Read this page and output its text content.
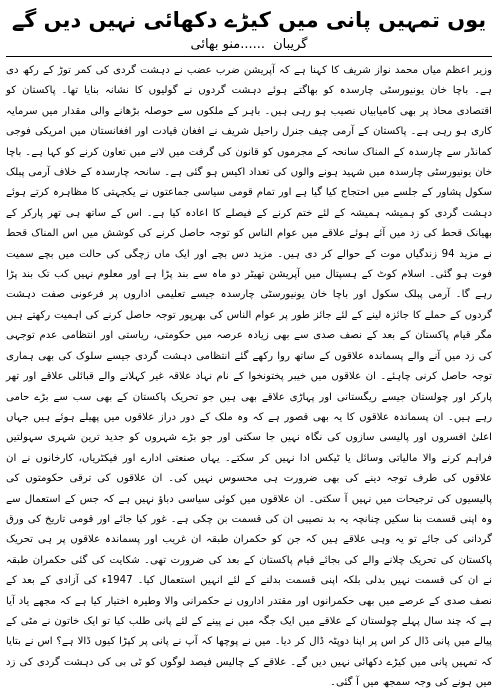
یوں تمہیں پانی میں کیڑے دکھائی نہیں دیں گے
گریبان......منو بھائی

وزیر اعظم میاں محمد نواز شریف کا کہنا ہے کہ آپریشن ضرب عضب نے دہشت گردی کی کمر توڑ کے رکھ دی ہے۔ باچا خان یونیورسٹی چارسدہ کو بھاگتے ہوئے دہشت گردوں نے گولیوں کا نشانہ بنایا تھا۔ پاکستان کو اقتصادی محاذ پر بھی کامیابیاں نصیب ہو رہی ہیں۔ باہر کے ملکوں سے حوصلہ بڑھانے والی مقدار میں سرمایہ کاری ہو رہی ہے۔ پاکستان کے آرمی چیف جنرل راحیل شریف نے افغان قیادت اور افغانستان میں امریکی فوجی کمانڈر سے چارسدہ کے المناک سانحہ کے مجرموں کو قانون کی گرفت میں لانے میں تعاون کرنے کو کہا ہے۔ باچا خان یونیورسٹی چارسدہ میں شہید ہونے والوں کی تعداد اکیس ہو گئی ہے۔ سانحہ چارسدہ کے خلاف آرمی پبلک سکول پشاور کے جلسے میں احتجاج کیا گیا ہے اور تمام قومی سیاسی جماعتوں نے یکجہتی کا مظاہرہ کرتے ہوئے دہشت گردی کو ہمیشہ ہمیشہ کے لئے ختم کرنے کے فیصلے کا اعادہ کیا ہے۔ اس کے ساتھ ہی تھر پارکر کے بھیانک قحط کی زد میں آئے ہوئے علاقے میں عوام الناس کو توجہ حاصل کرنے کی کوشش میں اس المناک قحط نے مزید 94 زندگیاں موت کے حوالے کر دی ہیں۔ مزید دس بچے اور ایک ماں زچگی کی حالت میں بچے سمیت فوت ہو گئی۔ اسلام کوٹ کے ہسپتال میں آپریشن تھیٹر دو ماہ سے بند پڑا ہے اور معلوم نہیں کب تک بند پڑا رہے گا۔ آرمی پبلک سکول اور باچا خان یونیورسٹی چارسدہ جیسے تعلیمی اداروں پر فرعونی صفت دہشت گردوں کے حملے کا جائزہ لینے کے لئے جائز طور پر عوام الناس کی بھرپور توجہ حاصل کرنے کی اہمیت رکھتے ہیں مگر قیام پاکستان کے بعد کے نصف صدی سے بھی زیادہ عرصہ میں حکومتی، ریاستی اور انتظامی عدم توجہی کی زد میں آنے والے پسماندہ علاقوں کے ساتھ روا رکھے گئے انتظامی دہشت گردی جیسے سلوک کی بھی ہماری توجہ حاصل کرنی چاہئے۔ ان علاقوں میں خیبر پختونخوا کے نام نہاد علاقہ غیر کہلانے والے قبائلی علاقے اور تھر پارکر اور چولستان جیسے ریگستانی اور پہاڑی علاقے بھی ہیں جو تحریک پاکستان کے بھی سب سے بڑے حامی رہے ہیں۔ ان پسماندہ علاقوں کا یہ بھی قصور ہے کہ وہ ملک کے دور دراز علاقوں میں پھیلے ہوئے ہیں جہاں اعلیٰ افسروں اور پالیسی سازوں کی نگاہ نہیں جا سکتی اور جو بڑے شہروں کو جدید ترین شہری سہولتیں فراہم کرنے والا مالیاتی وسائل یا ٹیکس ادا نہیں کر سکتے۔ یہاں صنعتی ادارے اور فیکٹریاں، کارخانوں نے ان علاقوں کی طرف توجہ دینے کی بھی ضرورت ہی محسوس نہیں کی۔ ان علاقوں کی ترقی حکومتوں کی پالیسیوں کی ترجیحات میں نہیں آ سکتی۔ ان علاقوں میں کوئی سیاسی دباؤ نہیں ہے کہ جس کے استعمال سے وہ اپنی قسمت بنا سکیں چنانچہ یہ بد نصیبی ان کی قسمت بن چکی ہے۔ غور کیا جائے اور قومی تاریخ کی ورق گردانی کی جائے تو یہ وہی علاقے ہیں کہ جن کو حکمران طبقہ ان غریب اور پسماندہ علاقوں پر ہی تحریک پاکستان کی تحریک چلانے والے کی بجائے قیام پاکستان کے بعد کی ضرورت تھی۔ شکایت کی گئی حکمران طبقہ نے ان کی قسمت نہیں بدلی بلکہ اپنی قسمت بدلنے کے لئے انہیں استعمال کیا۔ 1947ء کی آزادی کے بعد کے نصف صدی کے عرصے میں بھی حکمرانوں اور مقتدر اداروں نے حکمرانی والا وطیرہ اختیار کیا ہے کہ مجھے یاد آیا ہے کہ چند سال پہلے چولستان کے علاقے میں ایک جگہ میں نے پینے کے لئے پانی طلب کیا تو ایک خاتون نے مٹی کے پیالے میں پانی ڈال کر اس پر اپنا دوپٹہ ڈال کر دیا۔ میں نے پوچھا کہ آپ نے پانی پر کپڑا کیوں ڈالا ہے؟ اس نے بتایا کہ تمہیں پانی میں کیڑے دکھائی نہیں دیں گے۔ علاقے کے چالیس فیصد لوگوں کو ٹی بی کی دہشت گردی کی زد میں ہونے کی وجہ سمجھ میں آ گئی۔
